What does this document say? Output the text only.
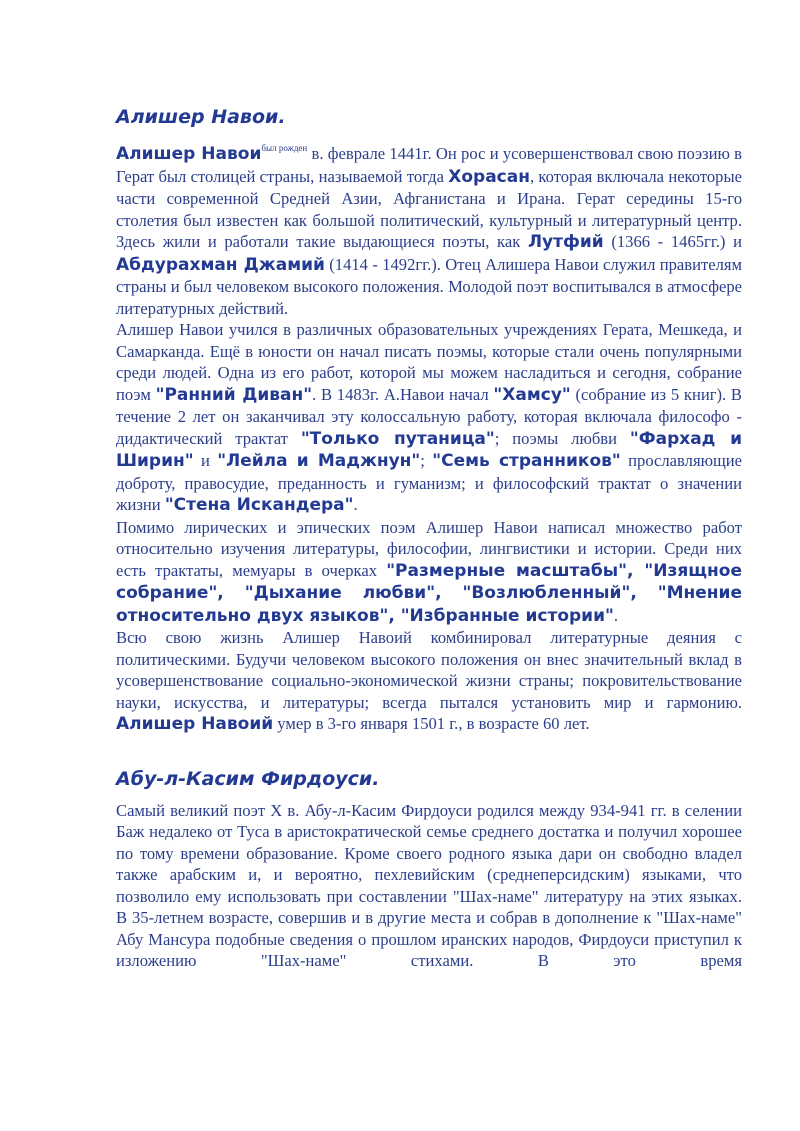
Алишер Навои.

Алишер Навои$^{был рожден}$ в. феврале 1441г. Он рос и усовершенствовал свою поэзию в Герат был столицей страны, называемой тогда Хорасан, которая включала некоторые части современной Средней Азии, Афганистана и Ирана. Герат середины 15-го столетия был известен как большой политический, культурный и литературный центр. Здесь жили и работали такие выдающиеся поэты, как Лутфий (1366 - 1465гг.) и Абдурахман Джамий (1414 - 1492гг.). Отец Алишера Навои служил правителям страны и был человеком высокого положения. Молодой поэт воспитывался в атмосфере литературных действий.

Алишер Навои учился в различных образовательных учреждениях Герата, Мешкеда, и Самарканда. Ещё в юности он начал писать поэмы, которые стали очень популярными среди людей. Одна из его работ, которой мы можем насладиться и сегодня, собрание поэм "Ранний Диван". В 1483г. А.Навои начал "Хамсу" (собрание из 5 книг). В течение 2 лет он заканчивал эту колоссальную работу, которая включала философо - дидактический трактат "Только путаница"; поэмы любви "Фархад и Ширин" и "Лейла и Маджнун"; "Семь странников" прославляющие доброту, правосудие, преданность и гуманизм; и философский трактат о значении жизни "Стена Искандера".

Помимо лирических и эпических поэм Алишер Навои написал множество работ относительно изучения литературы, философии, лингвистики и истории. Среди них есть трактаты, мемуары в очерках "Размерные масштабы", "Изящное собрание", "Дыхание любви", "Возлюбленный", "Мнение относительно двух языков", "Избранные истории".

Всю свою жизнь Алишер Навоий комбинировал литературные деяния с политическими. Будучи человеком высокого положения он внес значительный вклад в усовершенствование социально-экономической жизни страны; покровительствование науки, искусства, и литературы; всегда пытался установить мир и гармонию.

Алишер Навоий умер в 3-го января 1501 г., в возрасте 60 лет.

Абу-л-Касим Фирдоуси.

Самый великий поэт X в. Абу-л-Касим Фирдоуси родился между 934-941 гг. в селении Баж недалеко от Туса в аристократической семье среднего достатка и получил хорошее по тому времени образование. Кроме своего родного языка дари он свободно владел также арабским и, и вероятно, пехлевийским (среднеперсидским) языками, что позволило ему использовать при составлении "Шах-наме" литературу на этих языках.

В 35-летнем возрасте, совершив и в другие места и собрав в дополнение к "Шах-наме" Абу Мансура подобные сведения о прошлом иранских народов, Фирдоуси приступил к изложению "Шах-наме" стихами. В это время
